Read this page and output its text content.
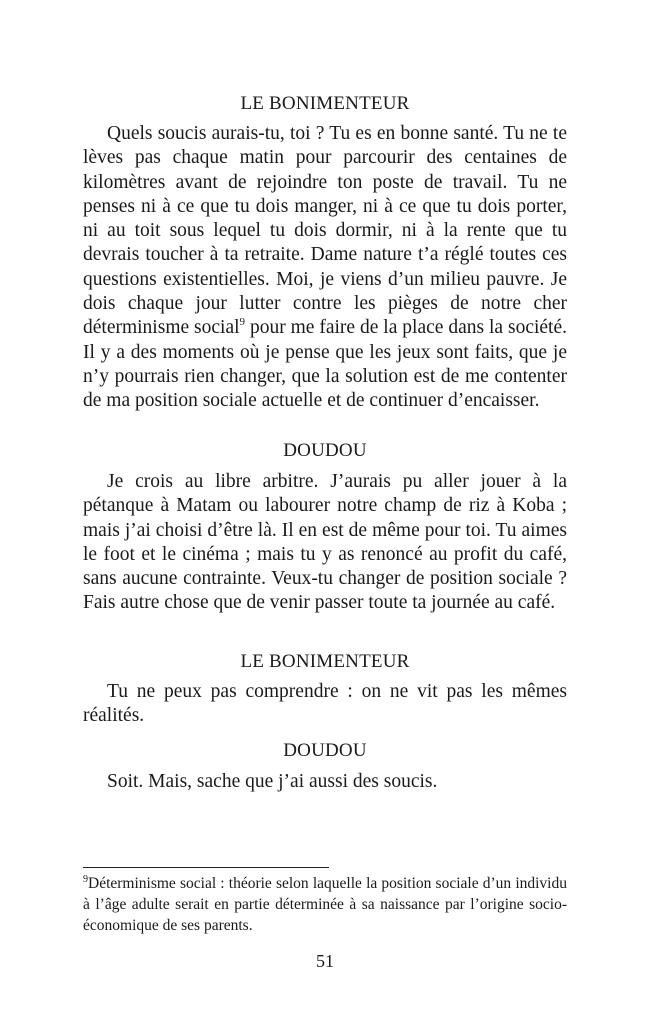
LE BONIMENTEUR

Quels soucis aurais-tu, toi ? Tu es en bonne santé. Tu ne te lèves pas chaque matin pour parcourir des centaines de kilomètres avant de rejoindre ton poste de travail. Tu ne penses ni à ce que tu dois manger, ni à ce que tu dois porter, ni au toit sous lequel tu dois dormir, ni à la rente que tu devrais toucher à ta retraite. Dame nature t’a réglé toutes ces questions existentielles. Moi, je viens d’un milieu pauvre. Je dois chaque jour lutter contre les pièges de notre cher déterminisme social$^9$ pour me faire de la place dans la société. Il y a des moments où je pense que les jeux sont faits, que je n’y pourrais rien changer, que la solution est de me contenter de ma position sociale actuelle et de continuer d’encaisser.

DOUDOU

Je crois au libre arbitre. J’aurais pu aller jouer à la pétanque à Matam ou labourer notre champ de riz à Koba ; mais j’ai choisi d’être là. Il en est de même pour toi. Tu aimes le foot et le cinéma ; mais tu y as renoncé au profit du café, sans aucune contrainte. Veux-tu changer de position sociale ? Fais autre chose que de venir passer toute ta journée au café.

LE BONIMENTEUR

Tu ne peux pas comprendre : on ne vit pas les mêmes réalités.

DOUDOU

Soit. Mais, sache que j’ai aussi des soucis.

$^9$Déterminisme social : théorie selon laquelle la position sociale d’un individu à l’âge adulte serait en partie déterminée à sa naissance par l’origine socio-économique de ses parents.

51
